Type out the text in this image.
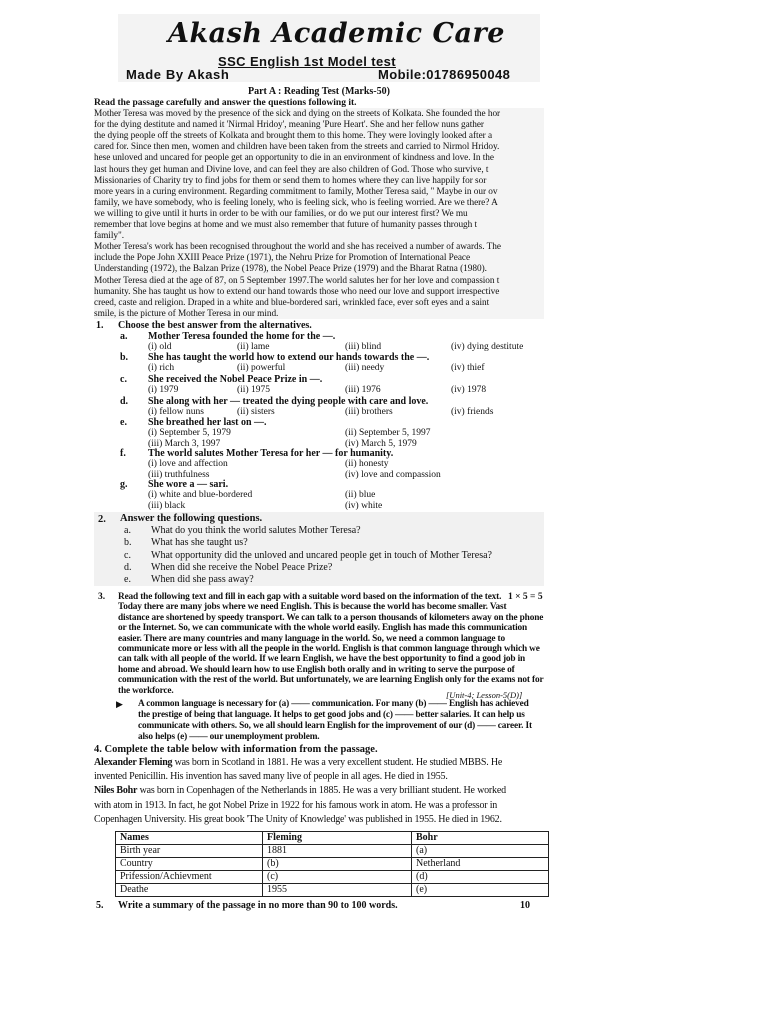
Akash Academic Care
SSC English 1st Model test
Made By Akash	Mobile:01786950048
Part A : Reading Test (Marks-50)
Read the passage carefully and answer the questions following it.
Mother Teresa was moved by the presence of the sick and dying on the streets of Kolkata. She founded the hor
for the dying destitute and named it 'Nirmal Hridoy', meaning 'Pure Heart'. She and her fellow nuns gather
the dying people off the streets of Kolkata and brought them to this home. They were lovingly looked after a
cared for. Since then men, women and children have been taken from the streets and carried to Nirmol Hridoy.
hese unloved and uncared for people get an opportunity to die in an environment of kindness and love. In the
last hours they get human and Divine love, and can feel they are also children of God. Those who survive, t
Missionaries of Charity try to find jobs for them or send them to homes where they can live happily for sor
more years in a curing environment. Regarding commitment to family, Mother Teresa said, " Maybe in our ov
family, we have somebody, who is feeling lonely, who is feeling sick, who is feeling worried. Are we there? A
we willing to give until it hurts in order to be with our families, or do we put our interest first? We mu
remember that love begins at home and we must also remember that future of humanity passes through t
family".
Mother Teresa's work has been recognised throughout the world and she has received a number of awards. The
include the Pope John XXIII Peace Prize (1971), the Nehru Prize for Promotion of International Peace
Understanding (1972), the Balzan Prize (1978), the Nobel Peace Prize (1979) and the Bharat Ratna (1980).
Mother Teresa died at the age of 87, on 5 September 1997.The world salutes her for her love and compassion t
humanity. She has taught us how to extend our hand towards those who need our love and support irrespective
creed, caste and religion. Draped in a white and blue-bordered sari, wrinkled face, ever soft eyes and a saint
smile, is the picture of Mother Teresa in our mind.
1. Choose the best answer from the alternatives.
a. Mother Teresa founded the home for the —.
(i) old	(ii) lame	(iii) blind	(iv) dying destitute
b. She has taught the world how to extend our hands towards the —.
(i) rich	(ii) powerful	(iii) needy	(iv) thief
c. She received the Nobel Peace Prize in —.
(i) 1979	(ii) 1975	(iii) 1976	(iv) 1978
d. She along with her — treated the dying people with care and love.
(i) fellow nuns	(ii) sisters	(iii) brothers	(iv) friends
e. She breathed her last on —.
(i) September 5, 1979	(ii) September 5, 1997
(iii) March 3, 1997	(iv) March 5, 1979
f. The world salutes Mother Teresa for her — for humanity.
(i) love and affection	(ii) honesty
(iii) truthfulness	(iv) love and compassion
g. She wore a — sari.
(i) white and blue-bordered	(ii) blue
(iii) black	(iv) white
2. Answer the following questions.
a. What do you think the world salutes Mother Teresa?
b. What has she taught us?
c. What opportunity did the unloved and uncared people get in touch of Mother Teresa?
d. When did she receive the Nobel Peace Prize?
e. When did she pass away?
3.	1 × 5 = 5
Read the following text and fill in each gap with a suitable word based on the information of the text.
Today there are many jobs where we need English. This is because the world has become smaller. Vast
distance are shortened by speedy transport. We can talk to a person thousands of kilometers away on the phone
or the Internet. So, we can communicate with the whole world easily. English has made this communication
easier. There are many countries and many language in the world. So, we need a common language to
communicate more or less with all the people in the world. English is that common language through which we
can talk with all people of the world. If we learn English, we have the best opportunity to find a good job in
home and abroad. We should learn how to use English both orally and in writing to serve the purpose of
communication with the rest of the world. But unfortunately, we are learning English only for the exams not for
the workforce.	[Unit-4; Lesson-5(D)]
▶ A common language is necessary for (a) —— communication. For many (b) —— English has achieved
the prestige of being that language. It helps to get good jobs and (c) —— better salaries. It can help us
communicate with others. So, we all should learn English for the improvement of our (d) —— career. It
also helps (e) —— our unemployment problem.
4. Complete the table below with information from the passage.
Alexander Fleming was born in Scotland in 1881. He was a very excellent student. He studied MBBS. He
invented Penicillin. His invention has saved many live of people in all ages. He died in 1955.
Niles Bohr was born in Copenhagen of the Netherlands in 1885. He was a very brilliant student. He worked
with atom in 1913. In fact, he got Nobel Prize in 1922 for his famous work in atom. He was a professor in
Copenhagen University. His great book 'The Unity of Knowledge' was published in 1955. He died in 1962.
Names	Fleming	Bohr
Birth year	1881	(a)
Country	(b)	Netherland
Prifession/Achievment	(c)	(d)
Deathe	1955	(e)
5. Write a summary of the passage in no more than 90 to 100 words.	10
